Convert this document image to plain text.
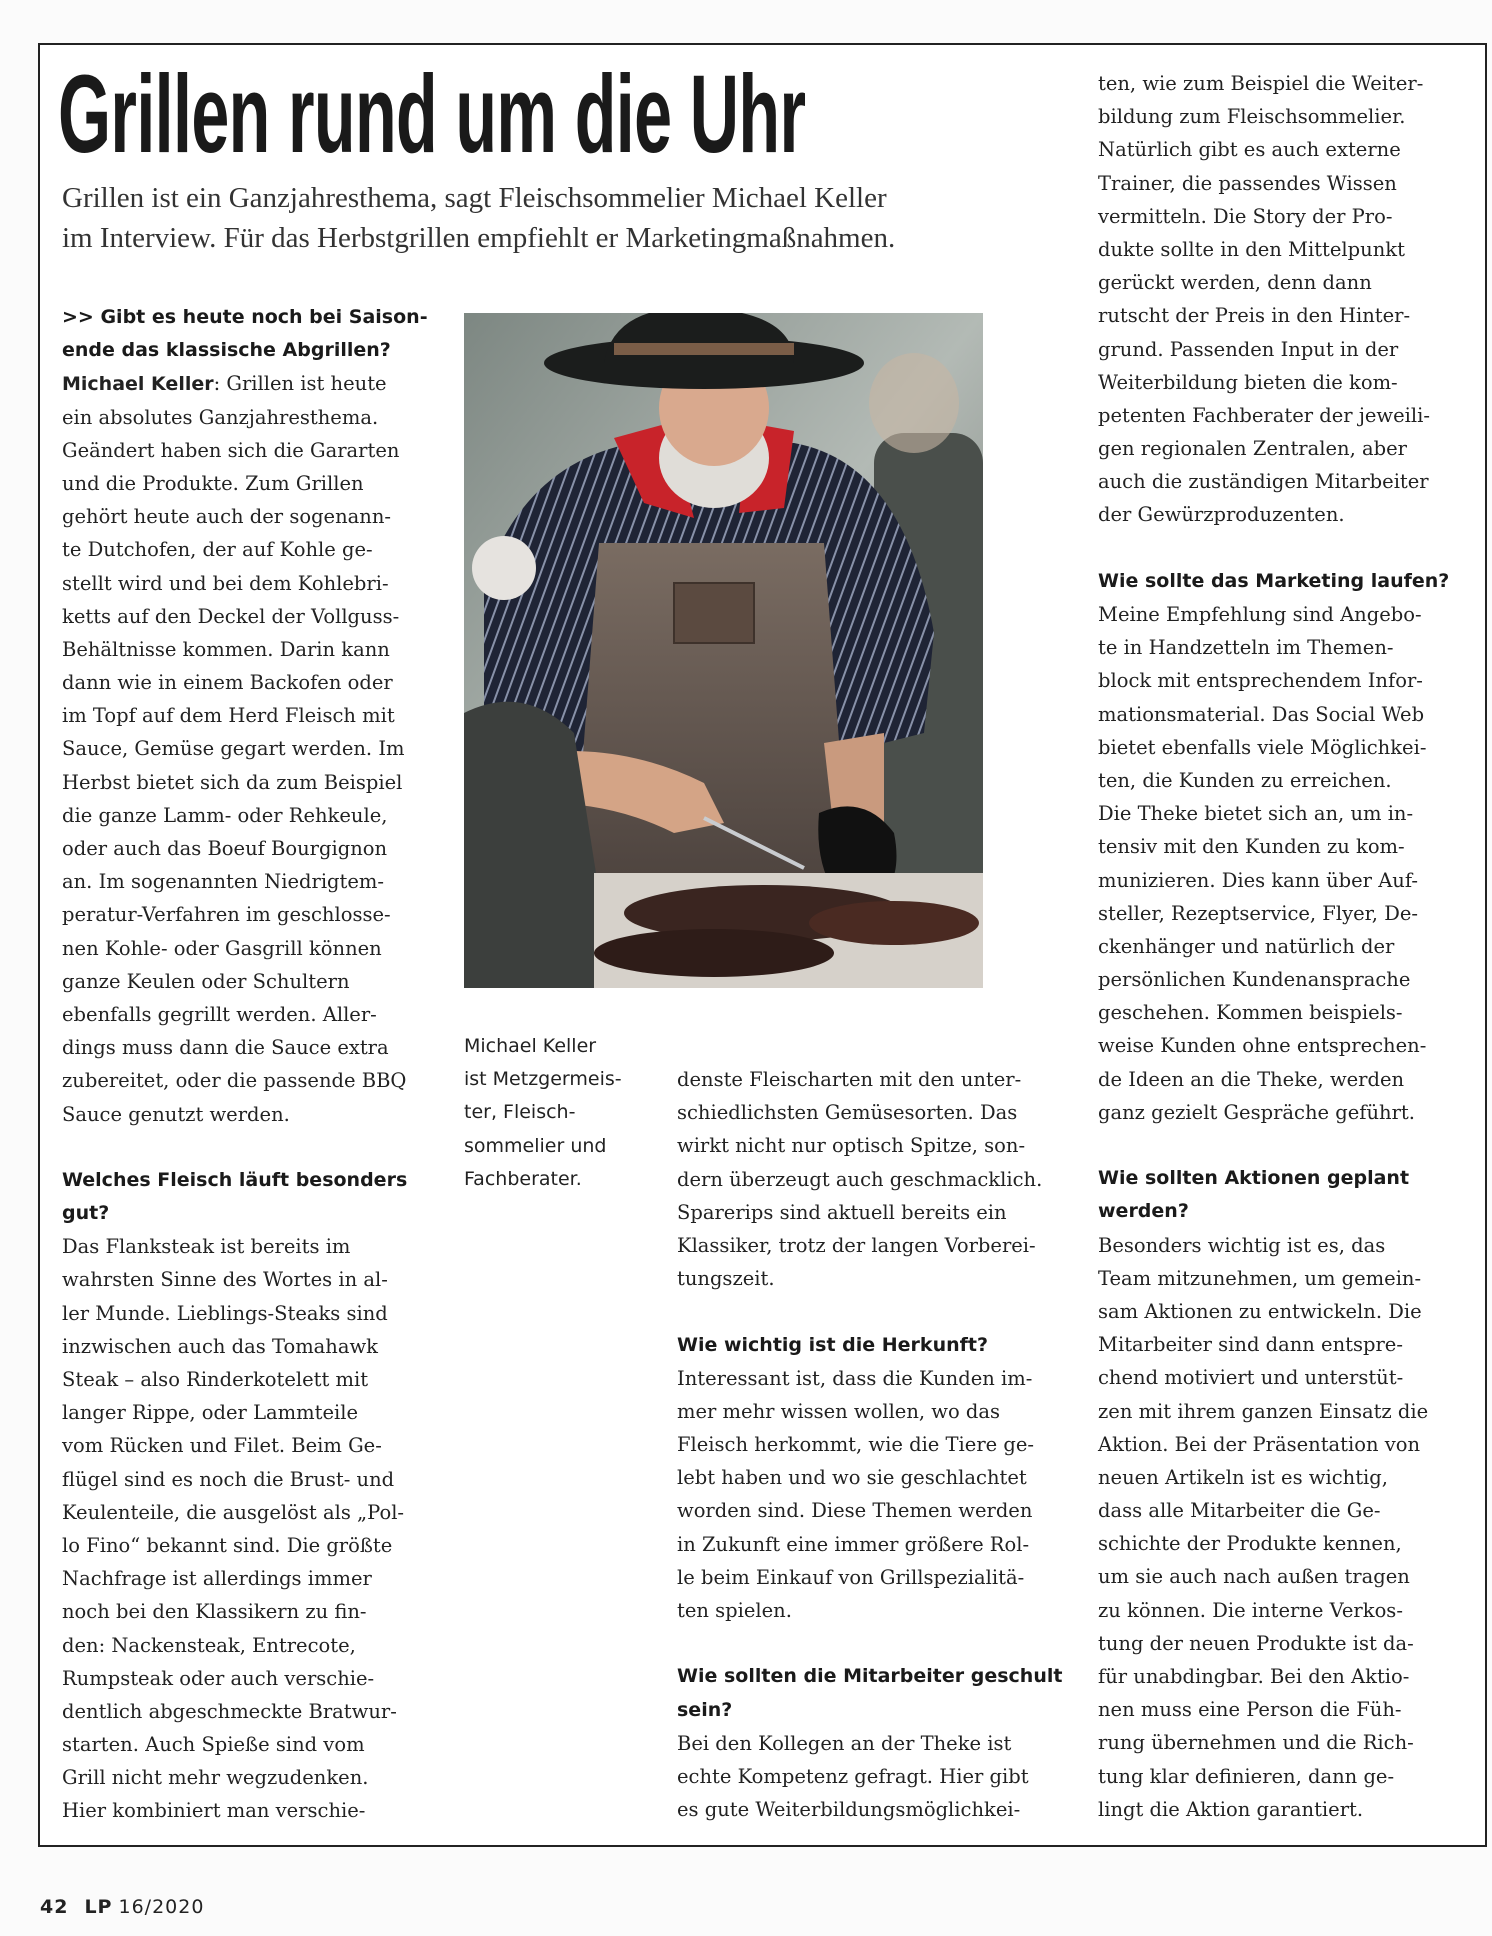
Grillen rund um die Uhr
Grillen ist ein Ganzjahresthema, sagt Fleischsommelier Michael Keller
im Interview. Für das Herbstgrillen empfiehlt er Marketingmaßnahmen.
Michael Keller
ist Metzgermeis-
ter, Fleisch-
sommelier und
Fachberater.
>> Gibt es heute noch bei Saison-
ende das klassische Abgrillen?
Michael Keller: Grillen ist heute
ein absolutes Ganzjahresthema.
Geändert haben sich die Gararten
und die Produkte. Zum Grillen
gehört heute auch der sogenann-
te Dutchofen, der auf Kohle ge-
stellt wird und bei dem Kohlebri-
ketts auf den Deckel der Vollguss-
Behältnisse kommen. Darin kann
dann wie in einem Backofen oder
im Topf auf dem Herd Fleisch mit
Sauce, Gemüse gegart werden. Im
Herbst bietet sich da zum Beispiel
die ganze Lamm- oder Rehkeule,
oder auch das Boeuf Bourgignon
an. Im sogenannten Niedrigtem-
peratur-Verfahren im geschlosse-
nen Kohle- oder Gasgrill können
ganze Keulen oder Schultern
ebenfalls gegrillt werden. Aller-
dings muss dann die Sauce extra
zubereitet, oder die passende BBQ
Sauce genutzt werden.
Welches Fleisch läuft besonders
gut?
Das Flanksteak ist bereits im
wahrsten Sinne des Wortes in al-
ler Munde. Lieblings-Steaks sind
inzwischen auch das Tomahawk
Steak – also Rinderkotelett mit
langer Rippe, oder Lammteile
vom Rücken und Filet. Beim Ge-
flügel sind es noch die Brust- und
Keulenteile, die ausgelöst als „Pol-
lo Fino“ bekannt sind. Die größte
Nachfrage ist allerdings immer
noch bei den Klassikern zu fin-
den: Nackensteak, Entrecote,
Rumpsteak oder auch verschie-
dentlich abgeschmeckte Bratwur-
starten. Auch Spieße sind vom
Grill nicht mehr wegzudenken.
Hier kombiniert man verschie-
denste Fleischarten mit den unter-
schiedlichsten Gemüsesorten. Das
wirkt nicht nur optisch Spitze, son-
dern überzeugt auch geschmacklich.
Sparerips sind aktuell bereits ein
Klassiker, trotz der langen Vorberei-
tungszeit.
Wie wichtig ist die Herkunft?
Interessant ist, dass die Kunden im-
mer mehr wissen wollen, wo das
Fleisch herkommt, wie die Tiere ge-
lebt haben und wo sie geschlachtet
worden sind. Diese Themen werden
in Zukunft eine immer größere Rol-
le beim Einkauf von Grillspezialitä-
ten spielen.
Wie sollten die Mitarbeiter geschult
sein?
Bei den Kollegen an der Theke ist
echte Kompetenz gefragt. Hier gibt
es gute Weiterbildungsmöglichkei-
ten, wie zum Beispiel die Weiter-
bildung zum Fleischsommelier.
Natürlich gibt es auch externe
Trainer, die passendes Wissen
vermitteln. Die Story der Pro-
dukte sollte in den Mittelpunkt
gerückt werden, denn dann
rutscht der Preis in den Hinter-
grund. Passenden Input in der
Weiterbildung bieten die kom-
petenten Fachberater der jeweili-
gen regionalen Zentralen, aber
auch die zuständigen Mitarbeiter
der Gewürzproduzenten.
Wie sollte das Marketing laufen?
Meine Empfehlung sind Angebo-
te in Handzetteln im Themen-
block mit entsprechendem Infor-
mationsmaterial. Das Social Web
bietet ebenfalls viele Möglichkei-
ten, die Kunden zu erreichen.
Die Theke bietet sich an, um in-
tensiv mit den Kunden zu kom-
munizieren. Dies kann über Auf-
steller, Rezeptservice, Flyer, De-
ckenhänger und natürlich der
persönlichen Kundenansprache
geschehen. Kommen beispiels-
weise Kunden ohne entsprechen-
de Ideen an die Theke, werden
ganz gezielt Gespräche geführt.
Wie sollten Aktionen geplant
werden?
Besonders wichtig ist es, das
Team mitzunehmen, um gemein-
sam Aktionen zu entwickeln. Die
Mitarbeiter sind dann entspre-
chend motiviert und unterstüt-
zen mit ihrem ganzen Einsatz die
Aktion. Bei der Präsentation von
neuen Artikeln ist es wichtig,
dass alle Mitarbeiter die Ge-
schichte der Produkte kennen,
um sie auch nach außen tragen
zu können. Die interne Verkos-
tung der neuen Produkte ist da-
für unabdingbar. Bei den Aktio-
nen muss eine Person die Füh-
rung übernehmen und die Rich-
tung klar definieren, dann ge-
lingt die Aktion garantiert.
42 LP 16/2020
